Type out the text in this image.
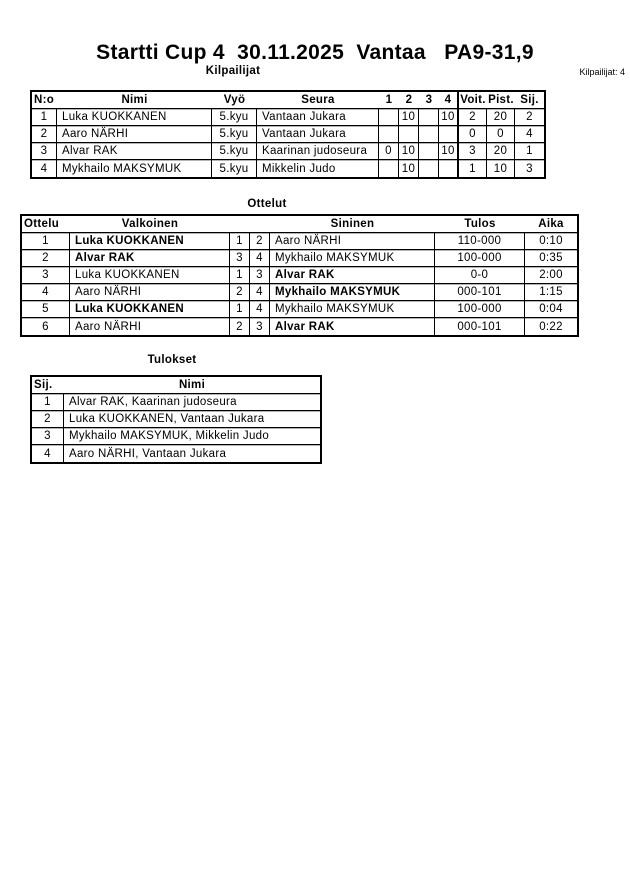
Startti Cup 4  30.11.2025  Vantaa   PA9-31,9
Kilpailijat	Kilpailijat: 4
N:o	Nimi	Vyö	Seura	1	2	3	4	Voit.	Pist.	Sij.
1	Luka KUOKKANEN	5.kyu	Vantaan Jukara		10		10	2	20	2
2	Aaro NÄRHI	5.kyu	Vantaan Jukara					0	0	4
3	Alvar RAK	5.kyu	Kaarinan judoseura	0	10		10	3	20	1
4	Mykhailo MAKSYMUK	5.kyu	Mikkelin Judo		10			1	10	3
Ottelut
Ottelu	Valkoinen			Sininen	Tulos	Aika
1	Luka KUOKKANEN	1	2	Aaro NÄRHI	110-000	0:10
2	Alvar RAK	3	4	Mykhailo MAKSYMUK	100-000	0:35
3	Luka KUOKKANEN	1	3	Alvar RAK	0-0	2:00
4	Aaro NÄRHI	2	4	Mykhailo MAKSYMUK	000-101	1:15
5	Luka KUOKKANEN	1	4	Mykhailo MAKSYMUK	100-000	0:04
6	Aaro NÄRHI	2	3	Alvar RAK	000-101	0:22
Tulokset
Sij.	Nimi
1	Alvar RAK, Kaarinan judoseura
2	Luka KUOKKANEN, Vantaan Jukara
3	Mykhailo MAKSYMUK, Mikkelin Judo
4	Aaro NÄRHI, Vantaan Jukara
